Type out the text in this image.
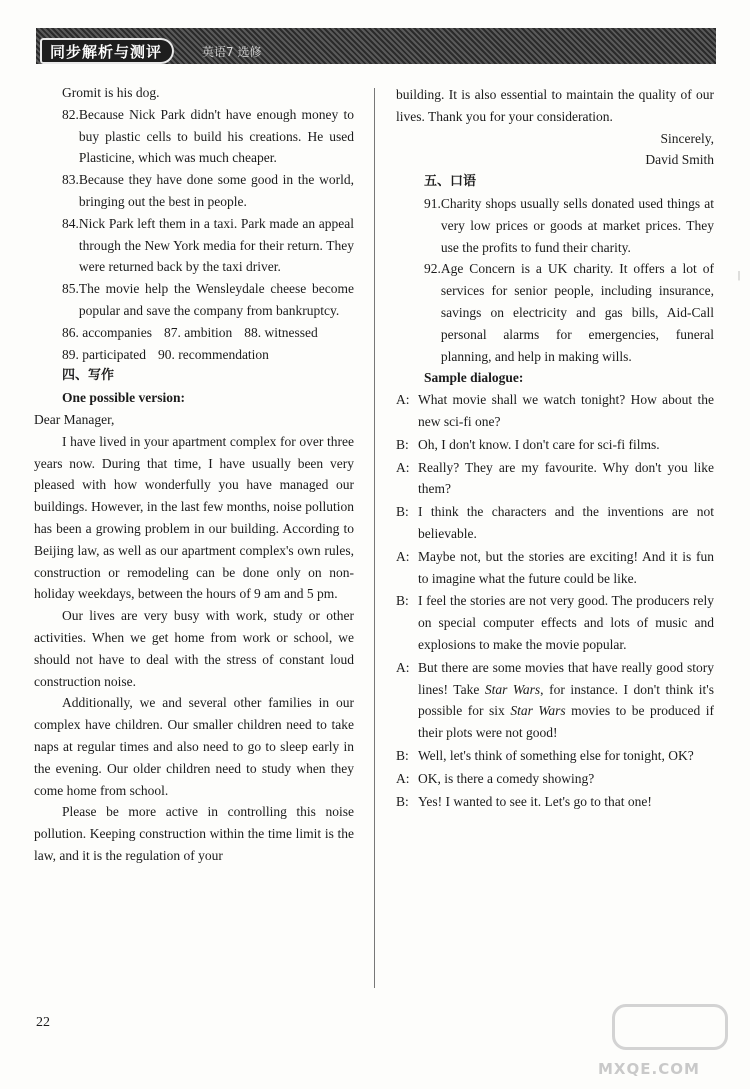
同步解析与测评	英语7 选修
|

Gromit is his dog.

82. Because Nick Park didn't have enough money to buy plastic cells to build his creations. He used Plasticine, which was much cheaper.
83. Because they have done some good in the world, bringing out the best in people.
84. Nick Park left them in a taxi. Park made an appeal through the New York media for their return. They were returned back by the taxi driver.
85. The movie help the Wensleydale cheese become popular and save the company from bankruptcy.
86. accompanies 87. ambition 88. witnessed
89. participated 90. recommendation

四、写作

One possible version:

Dear Manager,

I have lived in your apartment complex for over three years now. During that time, I have usually been very pleased with how wonderfully you have managed our buildings. However, in the last few months, noise pollution has been a growing problem in our building. According to Beijing law, as well as our apartment complex's own rules, construction or remodeling can be done only on non-holiday weekdays, between the hours of 9 am and 5 pm.

Our lives are very busy with work, study or other activities. When we get home from work or school, we should not have to deal with the stress of constant loud construction noise.

Additionally, we and several other families in our complex have children. Our smaller children need to take naps at regular times and also need to go to sleep early in the evening. Our older children need to study when they come home from school.

Please be more active in controlling this noise pollution. Keeping construction within the time limit is the law, and it is the regulation of your

building. It is also essential to maintain the quality of our lives. Thank you for your consideration.

Sincerely,

David Smith

五、口语

91. Charity shops usually sells donated used things at very low prices or goods at market prices. They use the profits to fund their charity.
92. Age Concern is a UK charity. It offers a lot of services for senior people, including insurance, savings on electricity and gas bills, Aid-Call personal alarms for emergencies, funeral planning, and help in making wills.

Sample dialogue:

A: What movie shall we watch tonight? How about the new sci-fi one?
B: Oh, I don't know. I don't care for sci-fi films.
A: Really? They are my favourite. Why don't you like them?
B: I think the characters and the inventions are not believable.
A: Maybe not, but the stories are exciting! And it is fun to imagine what the future could be like.
B: I feel the stories are not very good. The producers rely on special computer effects and lots of music and explosions to make the movie popular.
A: But there are some movies that have really good story lines! Take Star Wars, for instance. I don't think it's possible for six Star Wars movies to be produced if their plots were not good!
B: Well, let's think of something else for tonight, OK?
A: OK, is there a comedy showing?
B: Yes! I wanted to see it. Let's go to that one!
22
MXQE.COM
